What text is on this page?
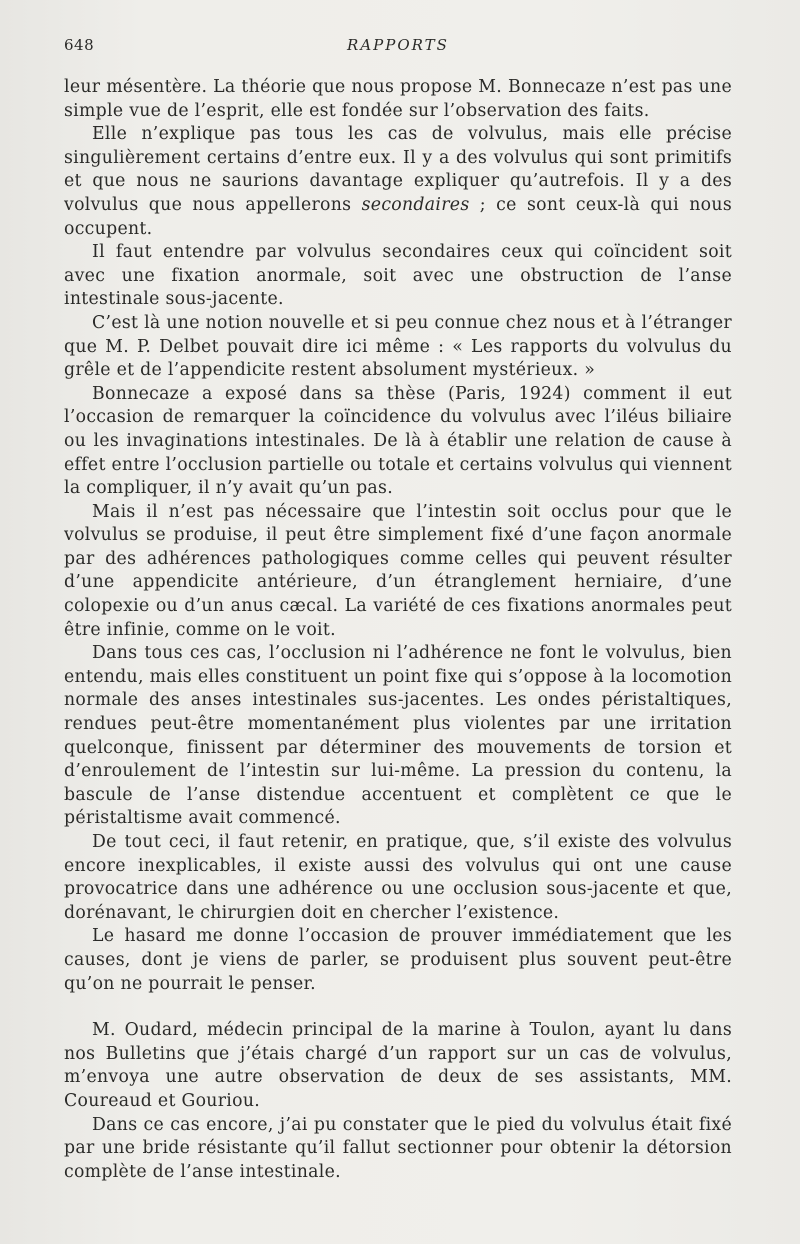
648	RAPPORTS

leur mésentère. La théorie que nous propose M. Bonnecaze n’est pas une simple vue de l’esprit, elle est fondée sur l’observation des faits.

Elle n’explique pas tous les cas de volvulus, mais elle précise singulièrement certains d’entre eux. Il y a des volvulus qui sont primitifs et que nous ne saurions davantage expliquer qu’autrefois. Il y a des volvulus que nous appellerons secondaires ; ce sont ceux-là qui nous occupent.

Il faut entendre par volvulus secondaires ceux qui coïncident soit avec une fixation anormale, soit avec une obstruction de l’anse intestinale sous-jacente.

C’est là une notion nouvelle et si peu connue chez nous et à l’étranger que M. P. Delbet pouvait dire ici même : « Les rapports du volvulus du grêle et de l’appendicite restent absolument mystérieux. »

Bonnecaze a exposé dans sa thèse (Paris, 1924) comment il eut l’occasion de remarquer la coïncidence du volvulus avec l’iléus biliaire ou les invaginations intestinales. De là à établir une relation de cause à effet entre l’occlusion partielle ou totale et certains volvulus qui viennent la compliquer, il n’y avait qu’un pas.

Mais il n’est pas nécessaire que l’intestin soit occlus pour que le volvulus se produise, il peut être simplement fixé d’une façon anormale par des adhérences pathologiques comme celles qui peuvent résulter d’une appendicite antérieure, d’un étranglement herniaire, d’une colopexie ou d’un anus cæcal. La variété de ces fixations anormales peut être infinie, comme on le voit.

Dans tous ces cas, l’occlusion ni l’adhérence ne font le volvulus, bien entendu, mais elles constituent un point fixe qui s’oppose à la locomotion normale des anses intestinales sus-jacentes. Les ondes péristaltiques, rendues peut-être momentanément plus violentes par une irritation quelconque, finissent par déterminer des mouvements de torsion et d’enroulement de l’intestin sur lui-même. La pression du contenu, la bascule de l’anse distendue accentuent et complètent ce que le péristaltisme avait commencé.

De tout ceci, il faut retenir, en pratique, que, s’il existe des volvulus encore inexplicables, il existe aussi des volvulus qui ont une cause provocatrice dans une adhérence ou une occlusion sous-jacente et que, dorénavant, le chirurgien doit en chercher l’existence.

Le hasard me donne l’occasion de prouver immédiatement que les causes, dont je viens de parler, se produisent plus souvent peut-être qu’on ne pourrait le penser.

M. Oudard, médecin principal de la marine à Toulon, ayant lu dans nos Bulletins que j’étais chargé d’un rapport sur un cas de volvulus, m’envoya une autre observation de deux de ses assistants, MM. Coureaud et Gouriou.

Dans ce cas encore, j’ai pu constater que le pied du volvulus était fixé par une bride résistante qu’il fallut sectionner pour obtenir la détorsion complète de l’anse intestinale.
